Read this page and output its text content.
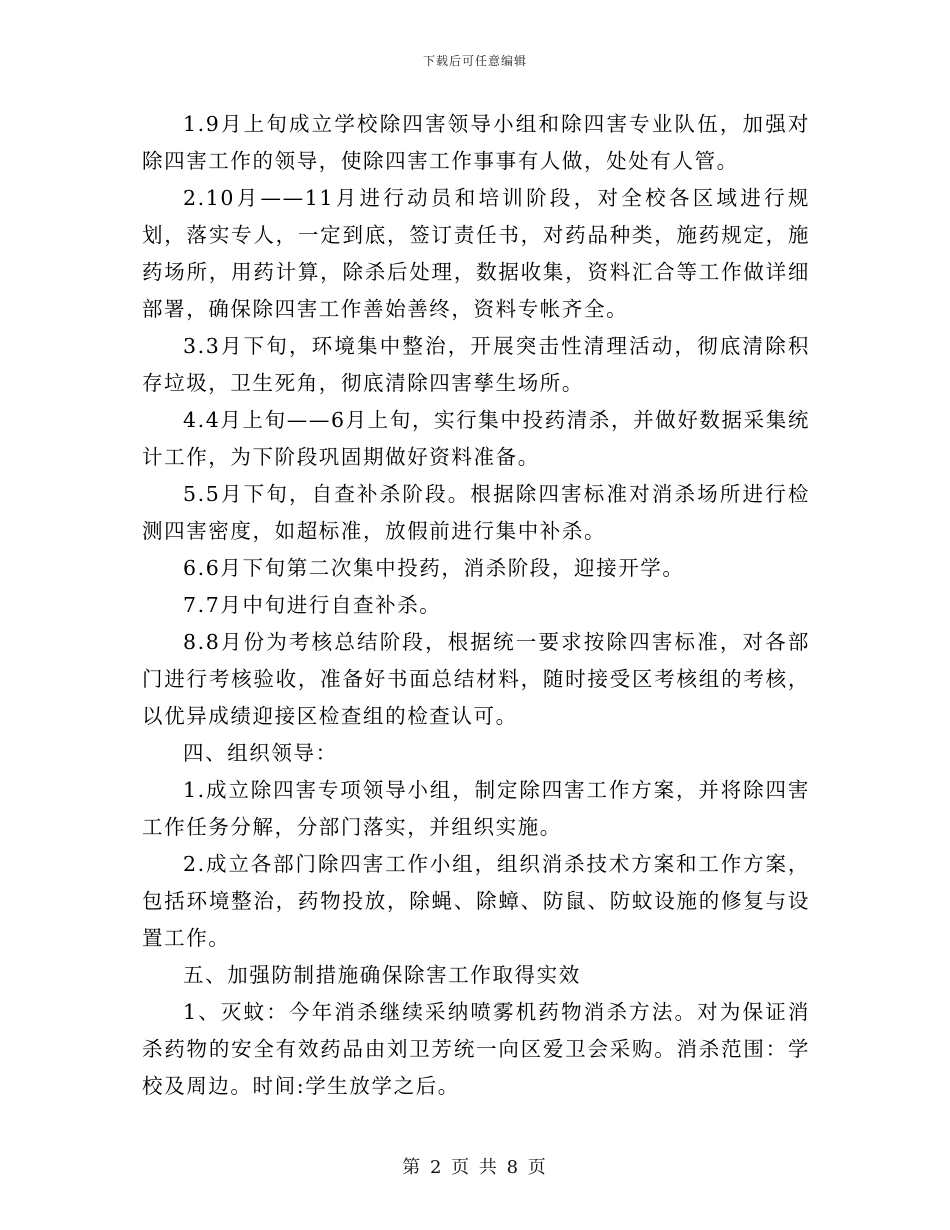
下载后可任意编辑

1.9月上旬成立学校除四害领导小组和除四害专业队伍，加强对除四害工作的领导，使除四害工作事事有人做，处处有人管。

2.10月——11月进行动员和培训阶段，对全校各区域进行规划，落实专人，一定到底，签订责任书，对药品种类，施药规定，施药场所，用药计算，除杀后处理，数据收集，资料汇合等工作做详细部署，确保除四害工作善始善终，资料专帐齐全。

3.3月下旬，环境集中整治，开展突击性清理活动，彻底清除积存垃圾，卫生死角，彻底清除四害孳生场所。

4.4月上旬——6月上旬，实行集中投药清杀，并做好数据采集统计工作，为下阶段巩固期做好资料准备。

5.5月下旬，自查补杀阶段。根据除四害标准对消杀场所进行检测四害密度，如超标准，放假前进行集中补杀。

6.6月下旬第二次集中投药，消杀阶段，迎接开学。

7.7月中旬进行自查补杀。

8.8月份为考核总结阶段，根据统一要求按除四害标准，对各部门进行考核验收，准备好书面总结材料，随时接受区考核组的考核，以优异成绩迎接区检查组的检查认可。

四、组织领导：

1.成立除四害专项领导小组，制定除四害工作方案，并将除四害工作任务分解，分部门落实，并组织实施。

2.成立各部门除四害工作小组，组织消杀技术方案和工作方案，包括环境整治，药物投放，除蝇、除蟑、防鼠、防蚊设施的修复与设置工作。

五、加强防制措施确保除害工作取得实效

1、灭蚊：今年消杀继续采纳喷雾机药物消杀方法。对为保证消杀药物的安全有效药品由刘卫芳统一向区爱卫会采购。消杀范围：学校及周边。时间:学生放学之后。

第 2 页 共 8 页
